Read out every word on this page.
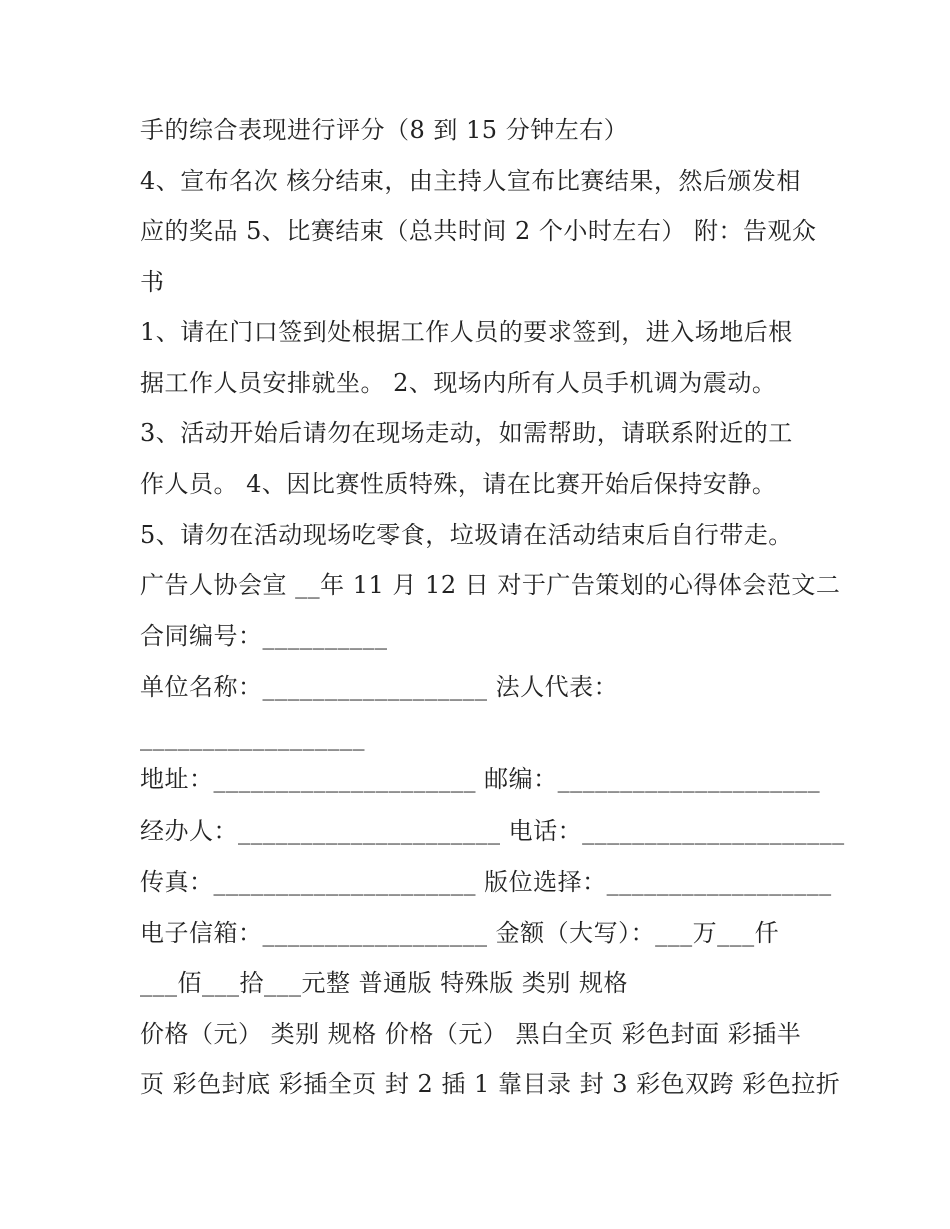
手的综合表现进行评分（8 到 15 分钟左右）
4、宣布名次 核分结束，由主持人宣布比赛结果，然后颁发相
应的奖品 5、比赛结束（总共时间 2 个小时左右） 附：告观众
书
1、请在门口签到处根据工作人员的要求签到，进入场地后根
据工作人员安排就坐。 2、现场内所有人员手机调为震动。
3、活动开始后请勿在现场走动，如需帮助，请联系附近的工
作人员。 4、因比赛性质特殊，请在比赛开始后保持安静。
5、请勿在活动现场吃零食，垃圾请在活动结束后自行带走。
广告人协会宣 __年 11 月 12 日 对于广告策划的心得体会范文二
合同编号：__________
单位名称：__________________ 法人代表：
__________________
地址：_____________________ 邮编：_____________________
经办人：_____________________ 电话：_____________________
传真：_____________________ 版位选择：__________________
电子信箱：__________________ 金额（大写）：___万___仟
___佰___拾___元整 普通版 特殊版 类别 规格
价格（元） 类别 规格 价格（元） 黑白全页 彩色封面 彩插半
页 彩色封底 彩插全页 封 2 插 1 靠目录 封 3 彩色双跨 彩色拉折
